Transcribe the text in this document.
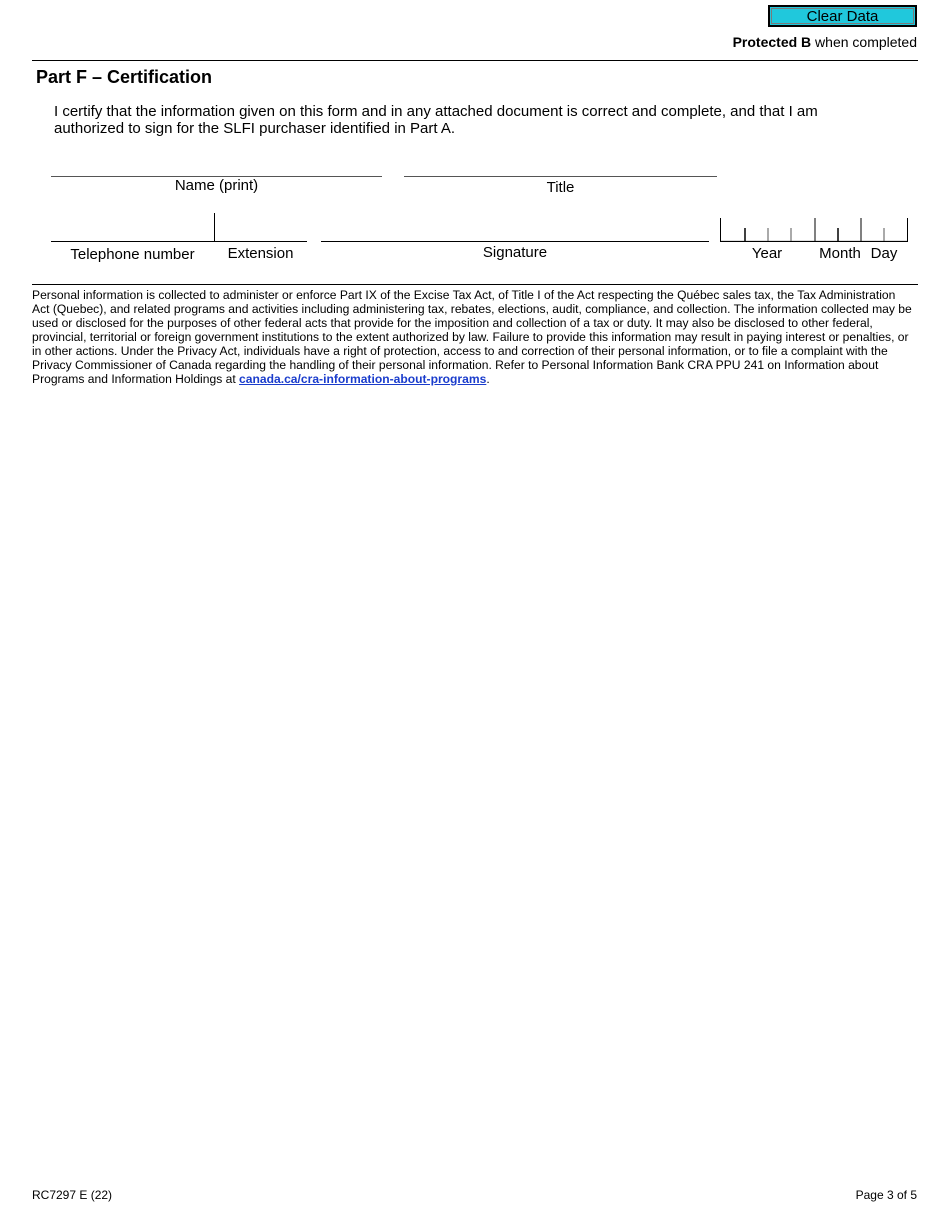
Clear Data
Protected B when completed
Part F – Certification
I certify that the information given on this form and in any attached document is correct and complete, and that I am authorized to sign for the SLFI purchaser identified in Part A.
Name (print)	Title
Telephone number	Extension	Signature	Year	Month Day
Personal information is collected to administer or enforce Part IX of the Excise Tax Act, of Title I of the Act respecting the Québec sales tax, the Tax Administration Act (Quebec), and related programs and activities including administering tax, rebates, elections, audit, compliance, and collection. The information collected may be used or disclosed for the purposes of other federal acts that provide for the imposition and collection of a tax or duty. It may also be disclosed to other federal, provincial, territorial or foreign government institutions to the extent authorized by law. Failure to provide this information may result in paying interest or penalties, or in other actions. Under the Privacy Act, individuals have a right of protection, access to and correction of their personal information, or to file a complaint with the Privacy Commissioner of Canada regarding the handling of their personal information. Refer to Personal Information Bank CRA PPU 241 on Information about Programs and Information Holdings at canada.ca/cra-information-about-programs.
RC7297 E (22)	Page 3 of 5
